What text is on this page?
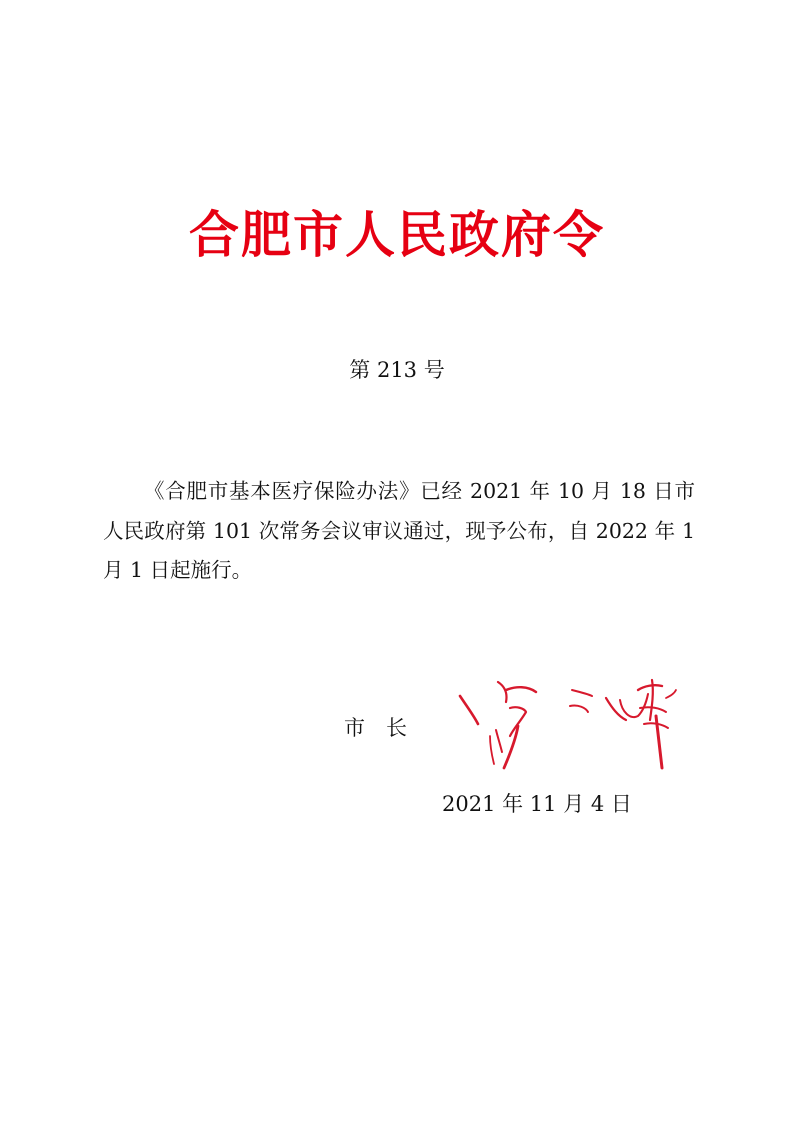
合肥市人民政府令
第 213 号
《合肥市基本医疗保险办法》已经 2021 年 10 月 18 日市人民政府第 101 次常务会议审议通过，现予公布，自 2022 年 1 月 1 日起施行。
市　长
2021 年 11 月 4 日
